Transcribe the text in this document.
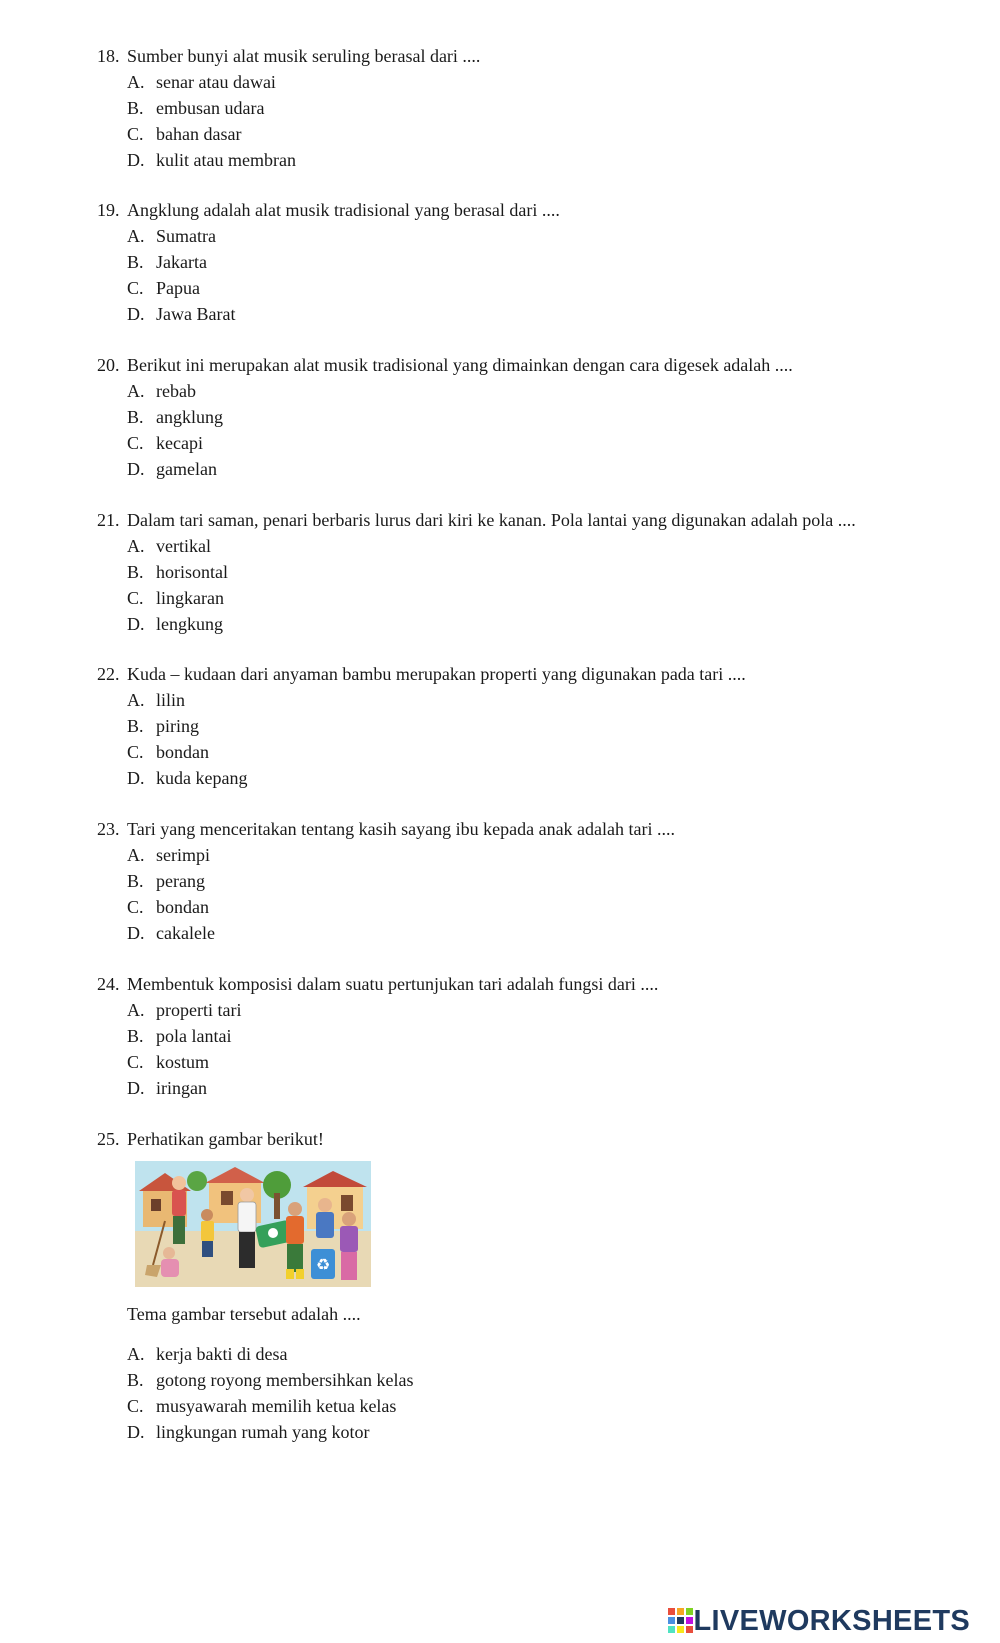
18. Sumber bunyi alat musik seruling berasal dari ....
A. senar atau dawai
B. embusan udara
C. bahan dasar
D. kulit atau membran
19. Angklung adalah alat musik tradisional yang berasal dari ....
A. Sumatra
B. Jakarta
C. Papua
D. Jawa Barat
20. Berikut ini merupakan alat musik tradisional yang dimainkan dengan cara digesek adalah ....
A. rebab
B. angklung
C. kecapi
D. gamelan
21. Dalam tari saman, penari berbaris lurus dari kiri ke kanan. Pola lantai yang digunakan adalah pola ....
A. vertikal
B. horisontal
C. lingkaran
D. lengkung
22. Kuda – kudaan dari anyaman bambu merupakan properti yang digunakan pada tari ....
A. lilin
B. piring
C. bondan
D. kuda kepang
23. Tari yang menceritakan tentang kasih sayang ibu kepada anak adalah tari ....
A. serimpi
B. perang
C. bondan
D. cakalele
24. Membentuk komposisi dalam suatu pertunjukan tari adalah fungsi dari ....
A. properti tari
B. pola lantai
C. kostum
D. iringan
25. Perhatikan gambar berikut!
♻
Tema gambar tersebut adalah ....
A. kerja bakti di desa
B. gotong royong membersihkan kelas
C. musyawarah memilih ketua kelas
D. lingkungan rumah yang kotor
LIVEWORKSHEETS
